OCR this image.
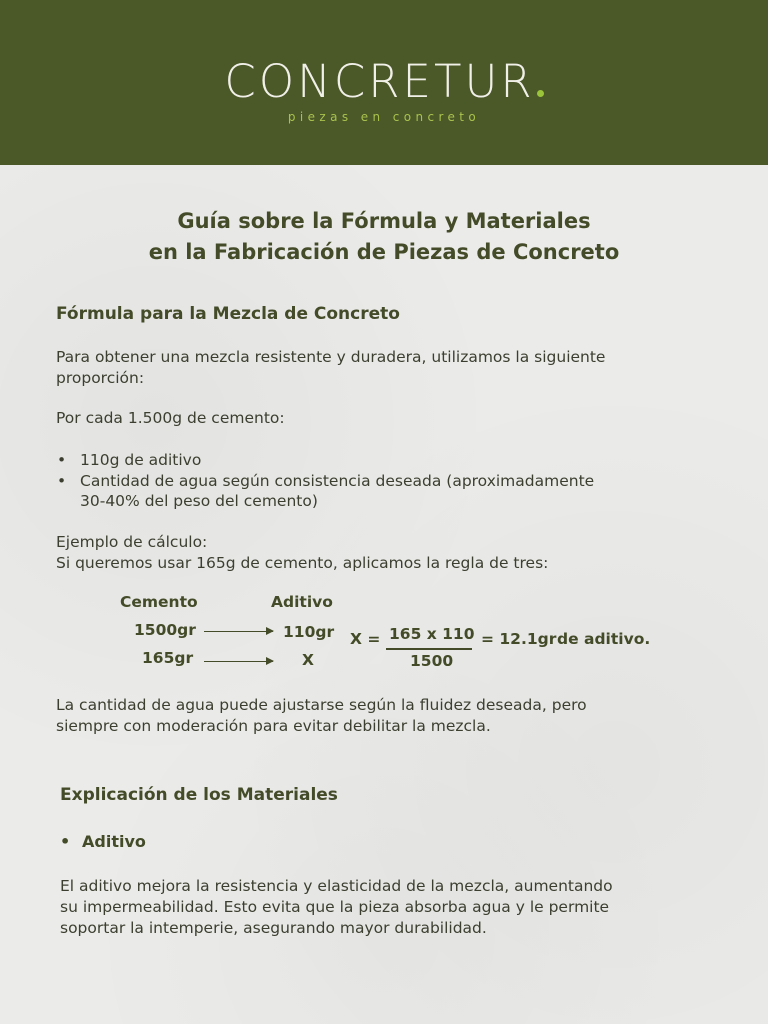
CONCRETUR
piezas en concreto
Guía sobre la Fórmula y Materiales
en la Fabricación de Piezas de Concreto
Fórmula para la Mezcla de Concreto
Para obtener una mezcla resistente y duradera, utilizamos la siguiente
proporción:
Por cada 1.500g de cemento:
• 110g de aditivo
• Cantidad de agua según consistencia deseada (aproximadamente
30-40% del peso del cemento)
Ejemplo de cálculo:
Si queremos usar 165g de cemento, aplicamos la regla de tres:
Cemento	Aditivo
1500gr	110gr
165gr	X
X = 165 x 110
1500
= 12.1gr de aditivo.
La cantidad de agua puede ajustarse según la fluidez deseada, pero
siempre con moderación para evitar debilitar la mezcla.
Explicación de los Materiales
• Aditivo
El aditivo mejora la resistencia y elasticidad de la mezcla, aumentando
su impermeabilidad. Esto evita que la pieza absorba agua y le permite
soportar la intemperie, asegurando mayor durabilidad.
